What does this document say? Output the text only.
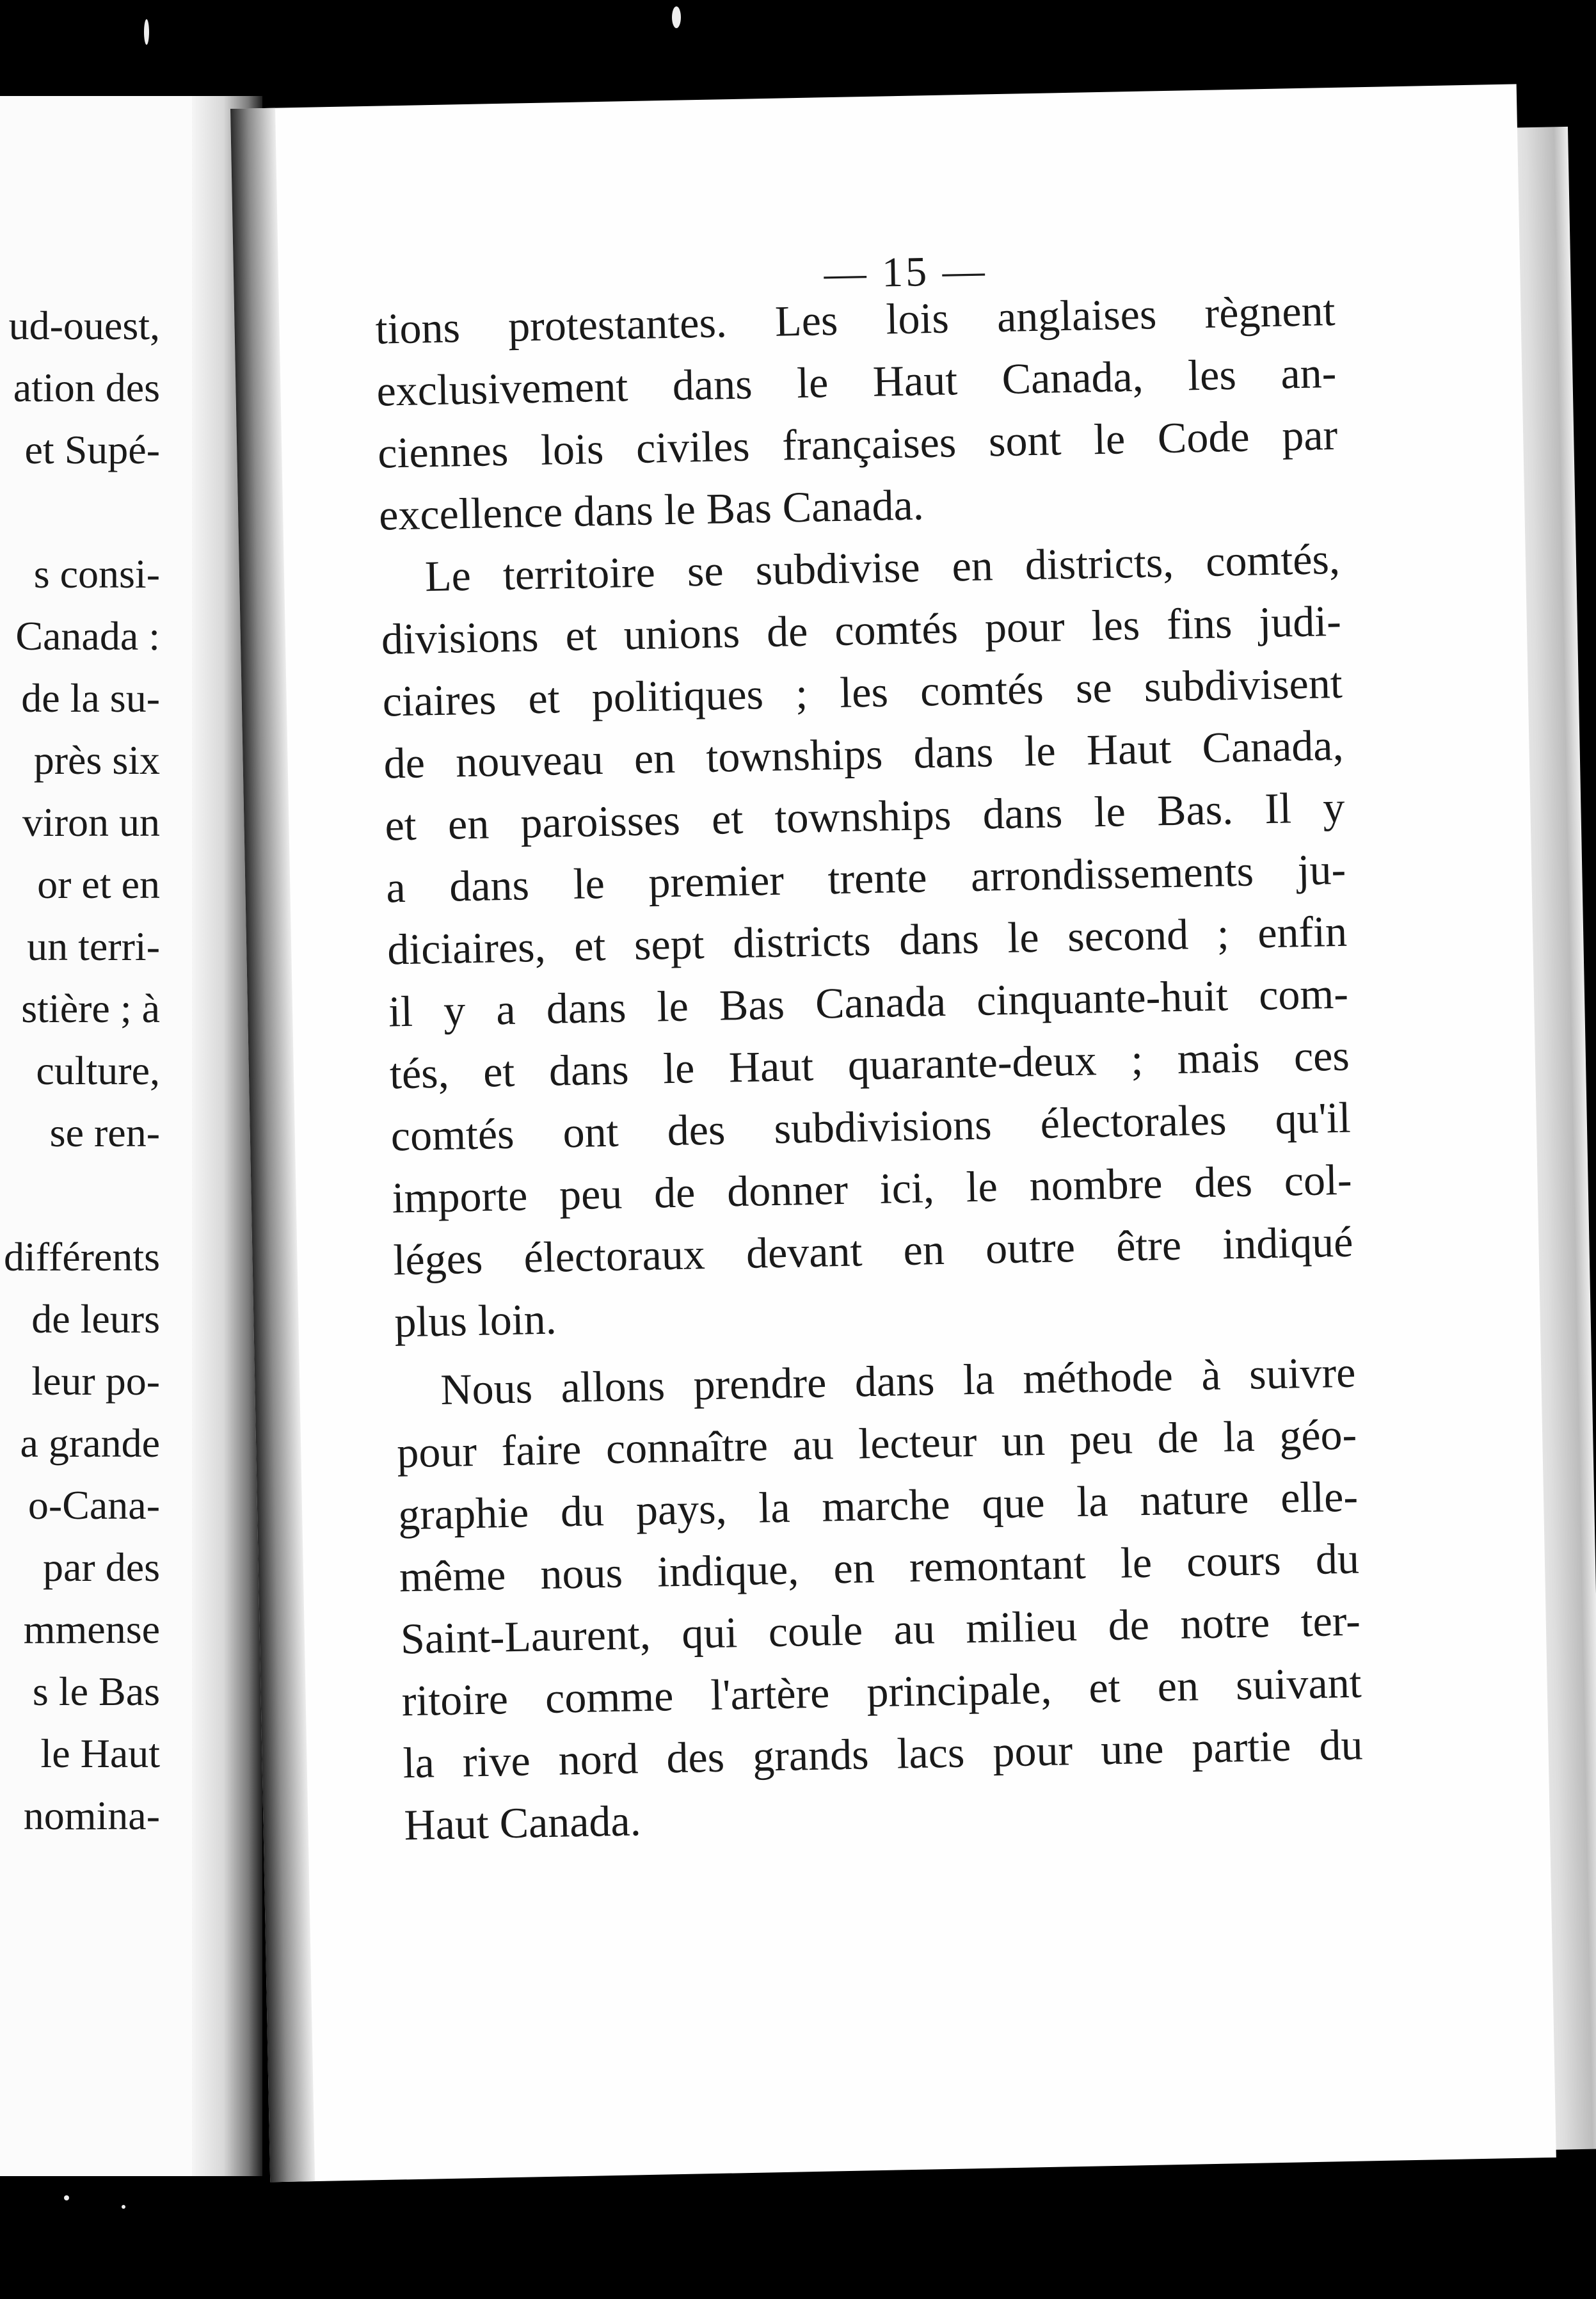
ud-ouest,
ation des
et Supé-
s consi-
Canada :
de la su-
près six
viron un
or et en
un terri-
stière ; à
culture,
se ren-
différents
de leurs
leur po-
a grande
o-Cana-
par des
mmense
s le Bas
le Haut
nomina-
— 15 —
tions protestantes. Les lois anglaises règnent
exclusivement dans le Haut Canada, les an-
ciennes lois civiles françaises sont le Code par
excellence dans le Bas Canada.
Le territoire se subdivise en districts, comtés,
divisions et unions de comtés pour les fins judi-
ciaires et politiques ; les comtés se subdivisent
de nouveau en townships dans le Haut Canada,
et en paroisses et townships dans le Bas. Il y
a dans le premier trente arrondissements ju-
diciaires, et sept districts dans le second ; enfin
il y a dans le Bas Canada cinquante-huit com-
tés, et dans le Haut quarante-deux ; mais ces
comtés ont des subdivisions électorales qu'il
importe peu de donner ici, le nombre des col-
léges électoraux devant en outre être indiqué
plus loin.
Nous allons prendre dans la méthode à suivre
pour faire connaître au lecteur un peu de la géo-
graphie du pays, la marche que la nature elle-
même nous indique, en remontant le cours du
Saint-Laurent, qui coule au milieu de notre ter-
ritoire comme l'artère principale, et en suivant
la rive nord des grands lacs pour une partie du
Haut Canada.
